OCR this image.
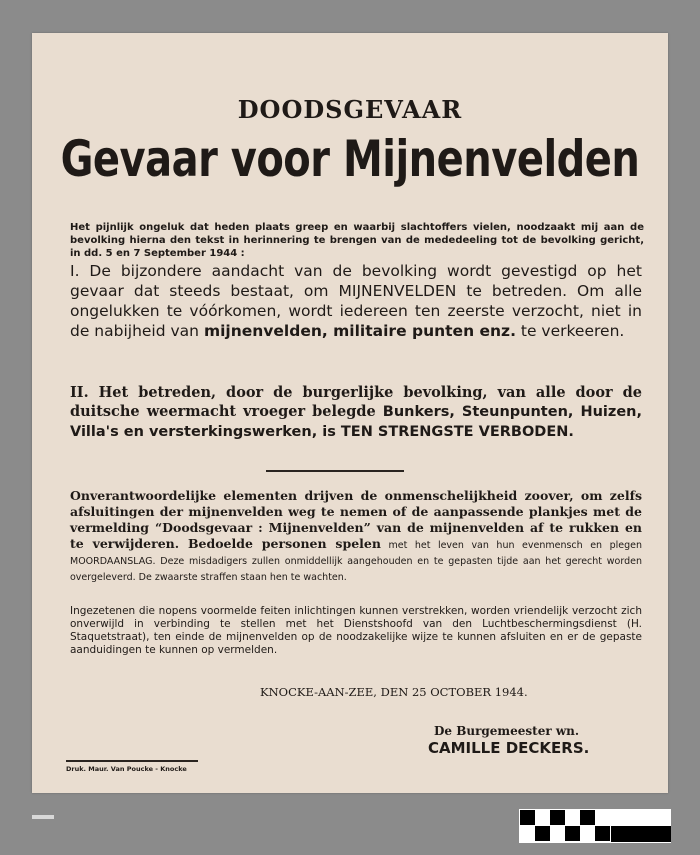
DOODSGEVAAR
Gevaar voor Mijnenvelden
Het pijnlijk ongeluk dat heden plaats greep en waarbij slachtoffers vielen, noodzaakt mij aan de bevolking hierna den tekst in herinnering te brengen van de mededeeling tot de bevolking gericht, in dd. 5 en 7 September 1944 :
I. De bijzondere aandacht van de bevolking wordt gevestigd op het gevaar dat steeds bestaat, om MIJNENVELDEN te betreden. Om alle ongelukken te vóórkomen, wordt iedereen ten zeerste verzocht, niet in de nabijheid van mijnenvelden, militaire punten enz. te verkeeren.
II. Het betreden, door de burgerlijke bevolking, van alle door de duitsche weermacht vroeger belegde Bunkers, Steunpunten, Huizen, Villa's en versterkingswerken, is TEN STRENGSTE VERBODEN.
Onverantwoordelijke elementen drijven de onmenschelijkheid zoover, om zelfs afsluitingen der mijnenvelden weg te nemen of de aanpassende plankjes met de vermelding “Doodsgevaar : Mijnenvelden” van de mijnenvelden af te rukken en te verwijderen. Bedoelde personen spelen met het leven van hun evenmensch en plegen MOORDAANSLAG. Deze misdadigers zullen onmiddellijk aangehouden en te gepasten tijde aan het gerecht worden overgeleverd. De zwaarste straffen staan hen te wachten.
Ingezetenen die nopens voormelde feiten inlichtingen kunnen verstrekken, worden vriendelijk verzocht zich onverwijld in verbinding te stellen met het Dienstshoofd van den Luchtbeschermingsdienst (H. Staquetstraat), ten einde de mijnenvelden op de noodzakelijke wijze te kunnen afsluiten en er de gepaste aanduidingen te kunnen op vermelden.
KNOCKE-AAN-ZEE, DEN 25 OCTOBER 1944.
De Burgemeester wn.
CAMILLE DECKERS.
Druk. Maur. Van Poucke - Knocke
